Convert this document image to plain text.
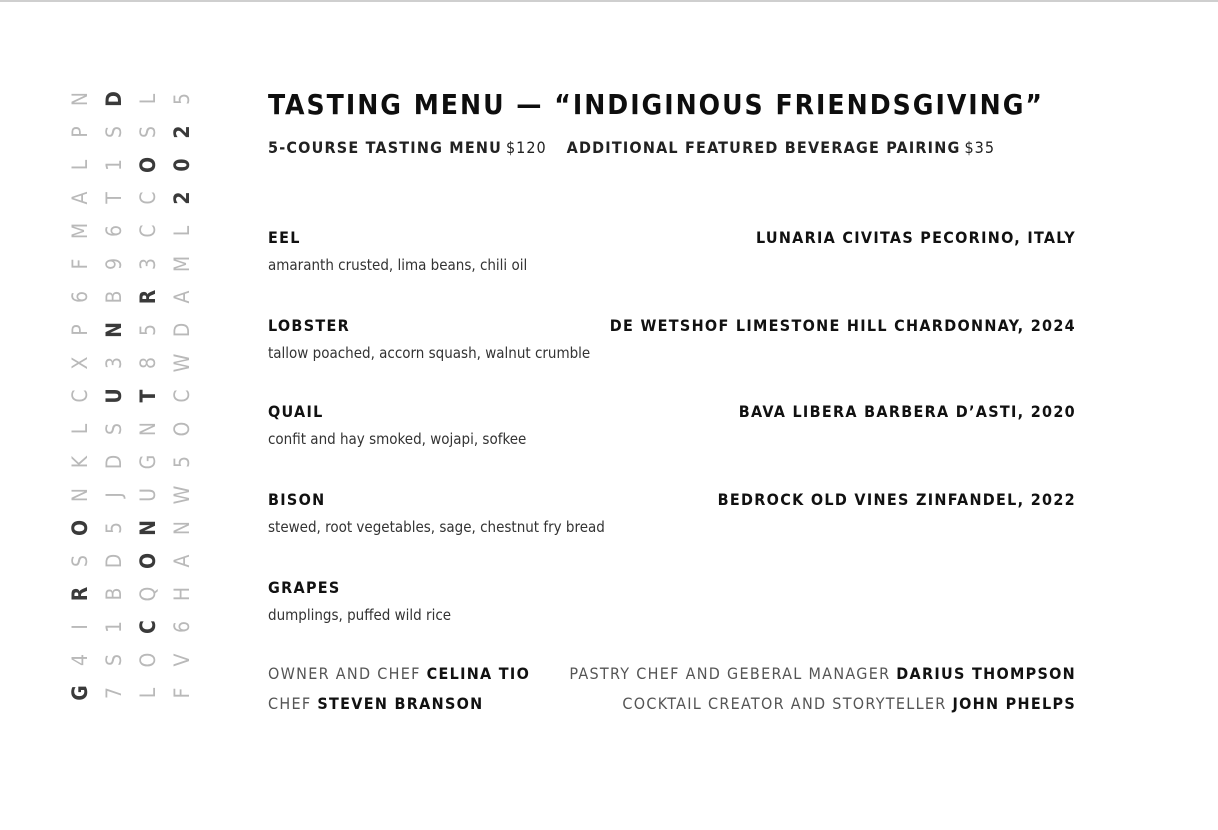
N
P
L
A
M
F
6
P
X
C
L
K
N
O
S
R
I
4
G
D
S
1
T
6
9
B
N
3
U
S
D
J
5
D
B
1
S
7
L
S
O
C
C
3
R
5
8
T
N
G
U
N
O
Q
C
O
L
5
2
0
2
L
M
A
D
W
C
O
5
W
N
A
H
6
V
F
TASTING MENU — “INDIGINOUS FRIENDSGIVING”
5-COURSE TASTING MENU $120 ADDITIONAL FEATURED BEVERAGE PAIRING $35
EEL
amaranth crusted, lima beans, chili oil
LUNARIA CIVITAS PECORINO, ITALY
LOBSTER
tallow poached, accorn squash, walnut crumble
DE WETSHOF LIMESTONE HILL CHARDONNAY, 2024
QUAIL
confit and hay smoked, wojapi, sofkee
BAVA LIBERA BARBERA D’ASTI, 2020
BISON
stewed, root vegetables, sage, chestnut fry bread
BEDROCK OLD VINES ZINFANDEL, 2022
GRAPES
dumplings, puffed wild rice
OWNER AND CHEF CELINA TIO PASTRY CHEF AND GEBERAL MANAGER DARIUS THOMPSON
CHEF STEVEN BRANSON	COCKTAIL CREATOR AND STORYTELLER JOHN PHELPS
